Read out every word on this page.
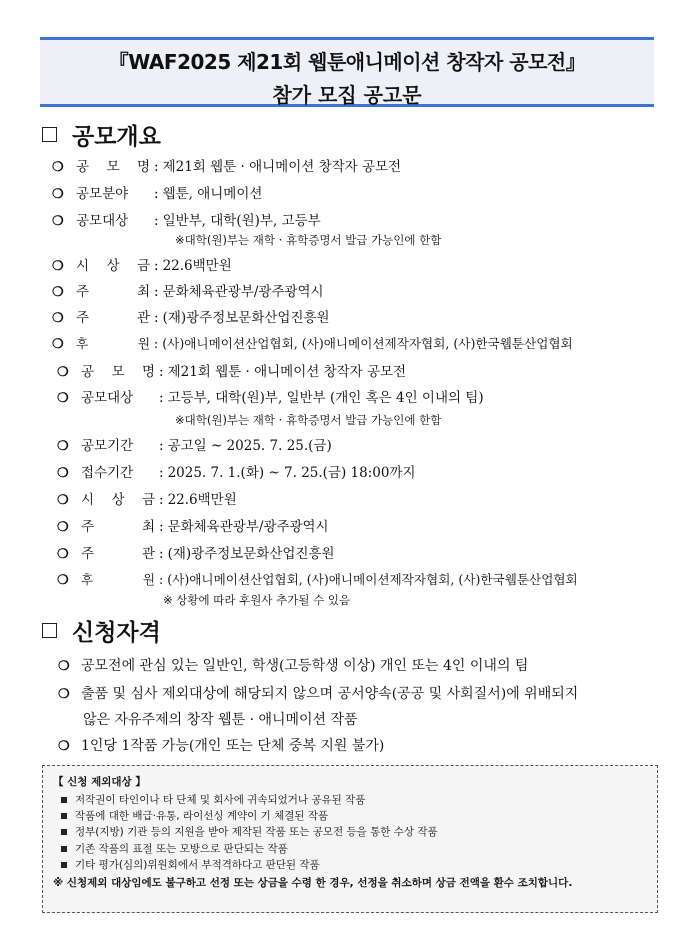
『WAF2025 제21회 웹툰애니메이션 창작자 공모전』
참가 모집 공고문
공모개요
❍ 공 모 명 : 제21회 웹툰 · 애니메이션 창작자 공모전
❍ 공모분야 : 웹툰, 애니메이션
❍ 공모대상 : 일반부, 대학(원)부, 고등부
※대학(원)부는 재학 · 휴학증명서 발급 가능인에 한함
❍ 시 상 금 : 22.6백만원
❍ 주 최 : 문화체육관광부/광주광역시
❍ 주 관 : (재)광주정보문화산업진흥원
❍ 후 원 : (사)애니메이션산업협회, (사)애니메이션제작자협회, (사)한국웹툰산업협회
❍ 공 모 명 : 제21회 웹툰 · 애니메이션 창작자 공모전
❍ 공모대상 : 고등부, 대학(원)부, 일반부 (개인 혹은 4인 이내의 팀)
※대학(원)부는 재학 · 휴학증명서 발급 가능인에 한함
❍ 공모기간 : 공고일 ~ 2025. 7. 25.(금)
❍ 접수기간 : 2025. 7. 1.(화) ~ 7. 25.(금) 18:00까지
❍ 시 상 금 : 22.6백만원
❍ 주 최 : 문화체육관광부/광주광역시
❍ 주 관 : (재)광주정보문화산업진흥원
❍ 후 원 : (사)애니메이션산업협회, (사)애니메이션제작자협회, (사)한국웹툰산업협회
※ 상황에 따라 후원사 추가될 수 있음
신청자격
❍ 공모전에 관심 있는 일반인, 학생(고등학생 이상) 개인 또는 4인 이내의 팀
❍ 출품 및 심사 제외대상에 해당되지 않으며 공서양속(공공 및 사회질서)에 위배되지
않은 자유주제의 창작 웹툰 · 애니메이션 작품
❍ 1인당 1작품 가능(개인 또는 단체 중복 지원 불가)
【 신청 제외대상 】
저작권이 타인이나 타 단체 및 회사에 귀속되었거나 공유된 작품
작품에 대한 배급·유통, 라이선싱 계약이 기 체결된 작품
정부(지방) 기관 등의 지원을 받아 제작된 작품 또는 공모전 등을 통한 수상 작품
기존 작품의 표절 또는 모방으로 판단되는 작품
기타 평가(심의)위원회에서 부적격하다고 판단된 작품
※ 신청제외 대상임에도 불구하고 선정 또는 상금을 수령 한 경우, 선정을 취소하며 상금 전액을 환수 조치합니다.
